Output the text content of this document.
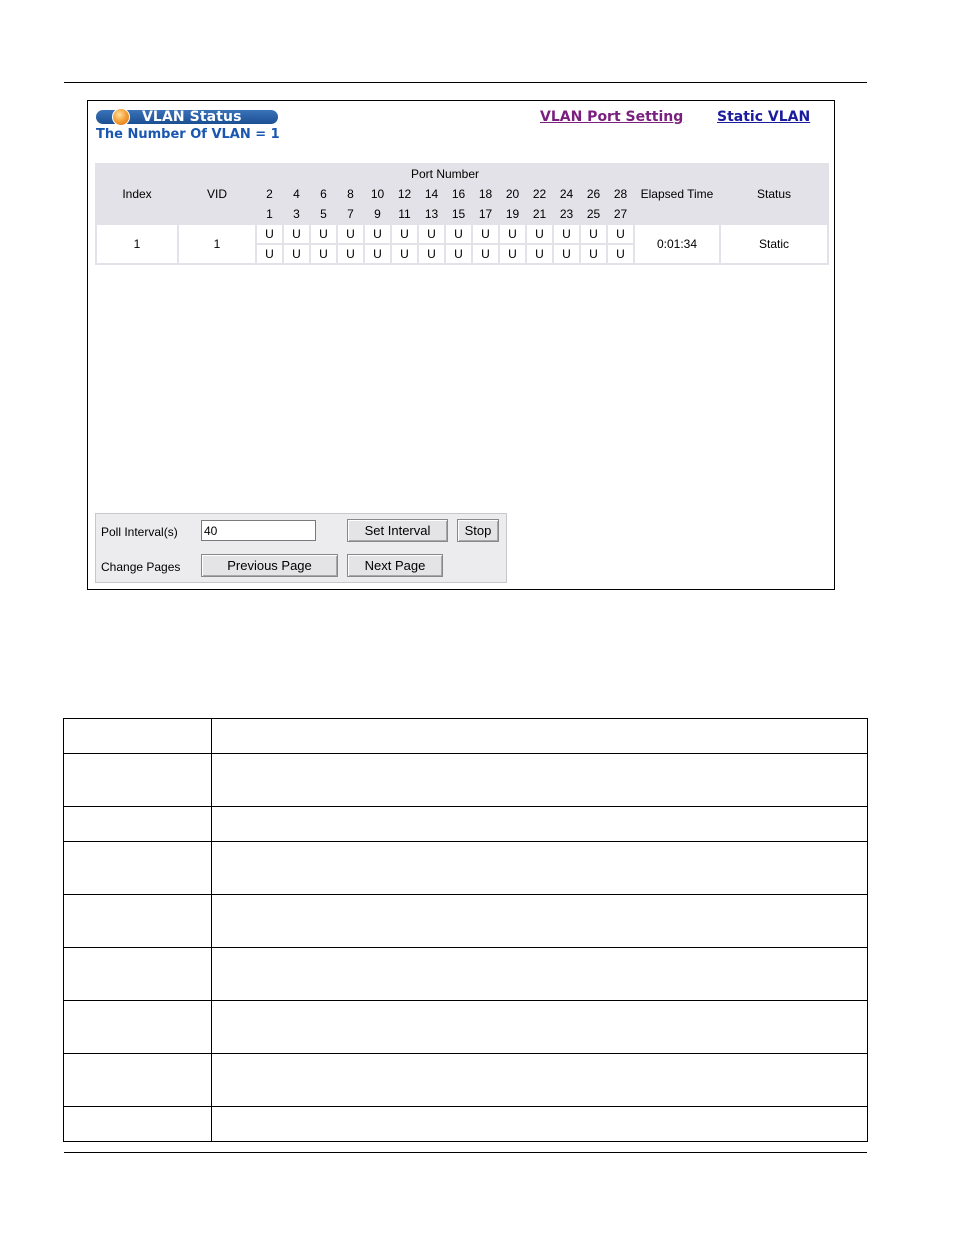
VLAN Status
The Number Of VLAN = 1
VLAN Port Setting Static VLAN
Index	VID	Port Number														Elapsed Time	Status
		2	4	6	8	10	12	14	16	18	20	22	24	26	28		
		1	3	5	7	9	11	13	15	17	19	21	23	25	27		
1	1	U	U	U	U	U	U	U	U	U	U	U	U	U	U	0:01:34	Static
		U	U	U	U	U	U	U	U	U	U	U	U	U	U		
Poll Interval(s)
40	Set Interval	Stop
Change Pages	Previous Page	Next Page
